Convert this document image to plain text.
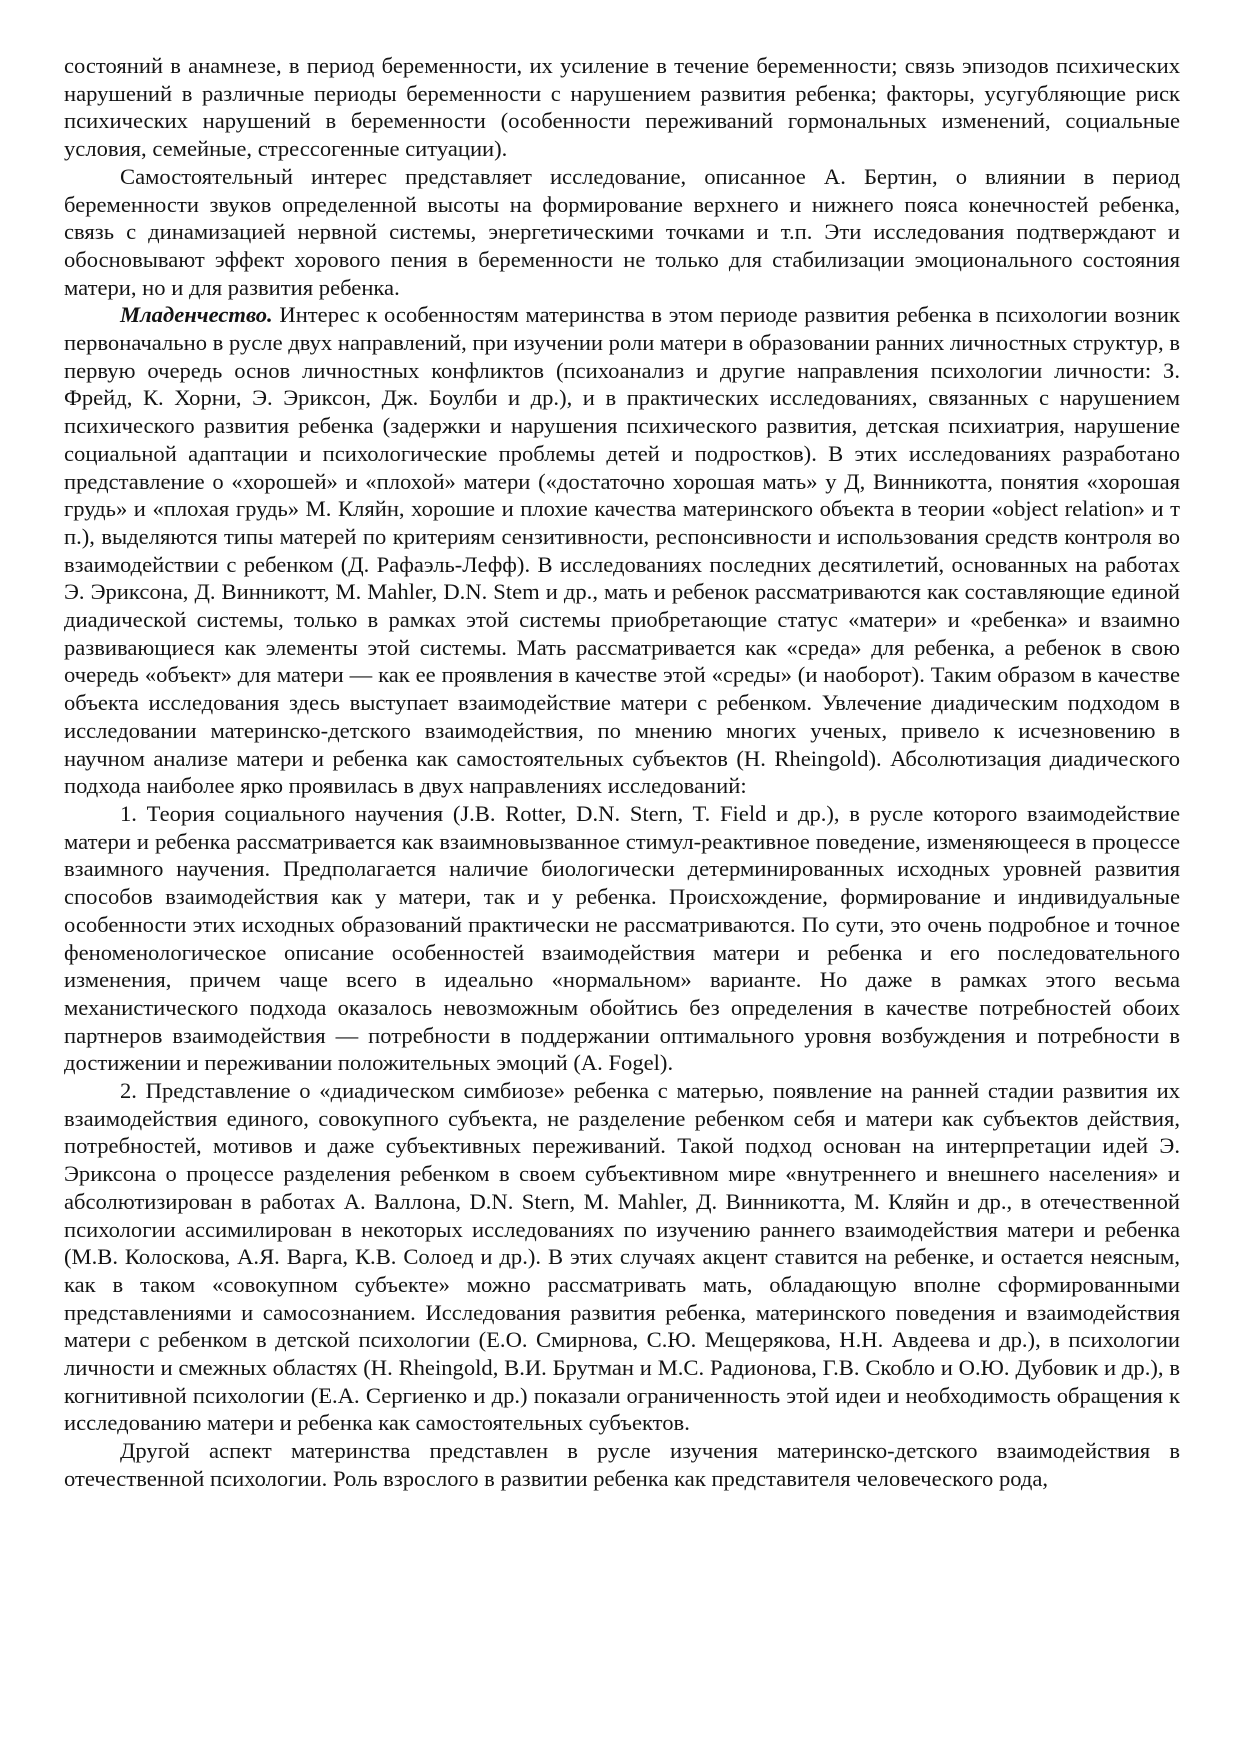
состояний в анамнезе, в период беременности, их усиление в течение беременности; связь эпизодов психических нарушений в различные периоды беременности с нарушением развития ребенка; факторы, усугубляющие риск психических нарушений в беременности (особенности переживаний гормональных изменений, социальные условия, семейные, стрессогенные ситуации).

Самостоятельный интерес представляет исследование, описанное А. Бертин, о влиянии в период беременности звуков определенной высоты на формирование верхнего и нижнего пояса конечностей ребенка, связь с динамизацией нервной системы, энергетическими точками и т.п. Эти исследования подтверждают и обосновывают эффект хорового пения в беременности не только для стабилизации эмоционального состояния матери, но и для развития ребенка.

Младенчество. Интерес к особенностям материнства в этом периоде развития ребенка в психологии возник первоначально в русле двух направлений, при изучении роли матери в образовании ранних личностных структур, в первую очередь основ личностных конфликтов (психоанализ и другие направления психологии личности: З. Фрейд, К. Хорни, Э. Эриксон, Дж. Боулби и др.), и в практических исследованиях, связанных с нарушением психического развития ребенка (задержки и нарушения психического развития, детская психиатрия, нарушение социальной адаптации и психологические проблемы детей и подростков). В этих исследованиях разработано представление о «хорошей» и «плохой» матери («достаточно хорошая мать» у Д, Винникотта, понятия «хорошая грудь» и «плохая грудь» М. Кляйн, хорошие и плохие качества материнского объекта в теории «object relation» и т п.), выделяются типы матерей по критериям сензитивности, респонсивности и использования средств контроля во взаимодействии с ребенком (Д. Рафаэль-Лефф). В исследованиях последних десятилетий, основанных на работах Э. Эриксона, Д. Винникотт, M. Mahler, D.N. Stem и др., мать и ребенок рассматриваются как составляющие единой диадической системы, только в рамках этой системы приобретающие статус «матери» и «ребенка» и взаимно развивающиеся как элементы этой системы. Мать рассматривается как «среда» для ребенка, а ребенок в свою очередь «объект» для матери — как ее проявления в качестве этой «среды» (и наоборот). Таким образом в качестве объекта исследования здесь выступает взаимодействие матери с ребенком. Увлечение диадическим подходом в исследовании материнско-детского взаимодействия, по мнению многих ученых, привело к исчезновению в научном анализе матери и ребенка как самостоятельных субъектов (H. Rheingold). Абсолютизация диадического подхода наиболее ярко проявилась в двух направлениях исследований:

1. Теория социального научения (J.B. Rotter, D.N. Stern, T. Field и др.), в русле которого взаимодействие матери и ребенка рассматривается как взаимновызванное стимул-реактивное поведение, изменяющееся в процессе взаимного научения. Предполагается наличие биологически детерминированных исходных уровней развития способов взаимодействия как у матери, так и у ребенка. Происхождение, формирование и индивидуальные особенности этих исходных образований практически не рассматриваются. По сути, это очень подробное и точное феноменологическое описание особенностей взаимодействия матери и ребенка и его последовательного изменения, причем чаще всего в идеально «нормальном» варианте. Но даже в рамках этого весьма механистического подхода оказалось невозможным обойтись без определения в качестве потребностей обоих партнеров взаимодействия — потребности в поддержании оптимального уровня возбуждения и потребности в достижении и переживании положительных эмоций (A. Fogel).

2. Представление о «диадическом симбиозе» ребенка с матерью, появление на ранней стадии развития их взаимодействия единого, совокупного субъекта, не разделение ребенком себя и матери как субъектов действия, потребностей, мотивов и даже субъективных переживаний. Такой подход основан на интерпретации идей Э. Эриксона о процессе разделения ребенком в своем субъективном мире «внутреннего и внешнего населения» и абсолютизирован в работах А. Валлона, D.N. Stern, M. Mahler, Д. Винникотта, М. Кляйн и др., в отечественной психологии ассимилирован в некоторых исследованиях по изучению раннего взаимодействия матери и ребенка (М.В. Колоскова, А.Я. Варга, К.В. Солоед и др.). В этих случаях акцент ставится на ребенке, и остается неясным, как в таком «совокупном субъекте» можно рассматривать мать, обладающую вполне сформированными представлениями и самосознанием. Исследования развития ребенка, материнского поведения и взаимодействия матери с ребенком в детской психологии (Е.О. Смирнова, С.Ю. Мещерякова, Н.Н. Авдеева и др.), в психологии личности и смежных областях (H. Rheingold, В.И. Брутман и М.С. Радионова, Г.В. Скобло и О.Ю. Дубовик и др.), в когнитивной психологии (Е.А. Сергиенко и др.) показали ограниченность этой идеи и необходимость обращения к исследованию матери и ребенка как самостоятельных субъектов.

Другой аспект материнства представлен в русле изучения материнско-детского взаимодействия в отечественной психологии. Роль взрослого в развитии ребенка как представителя человеческого рода,
